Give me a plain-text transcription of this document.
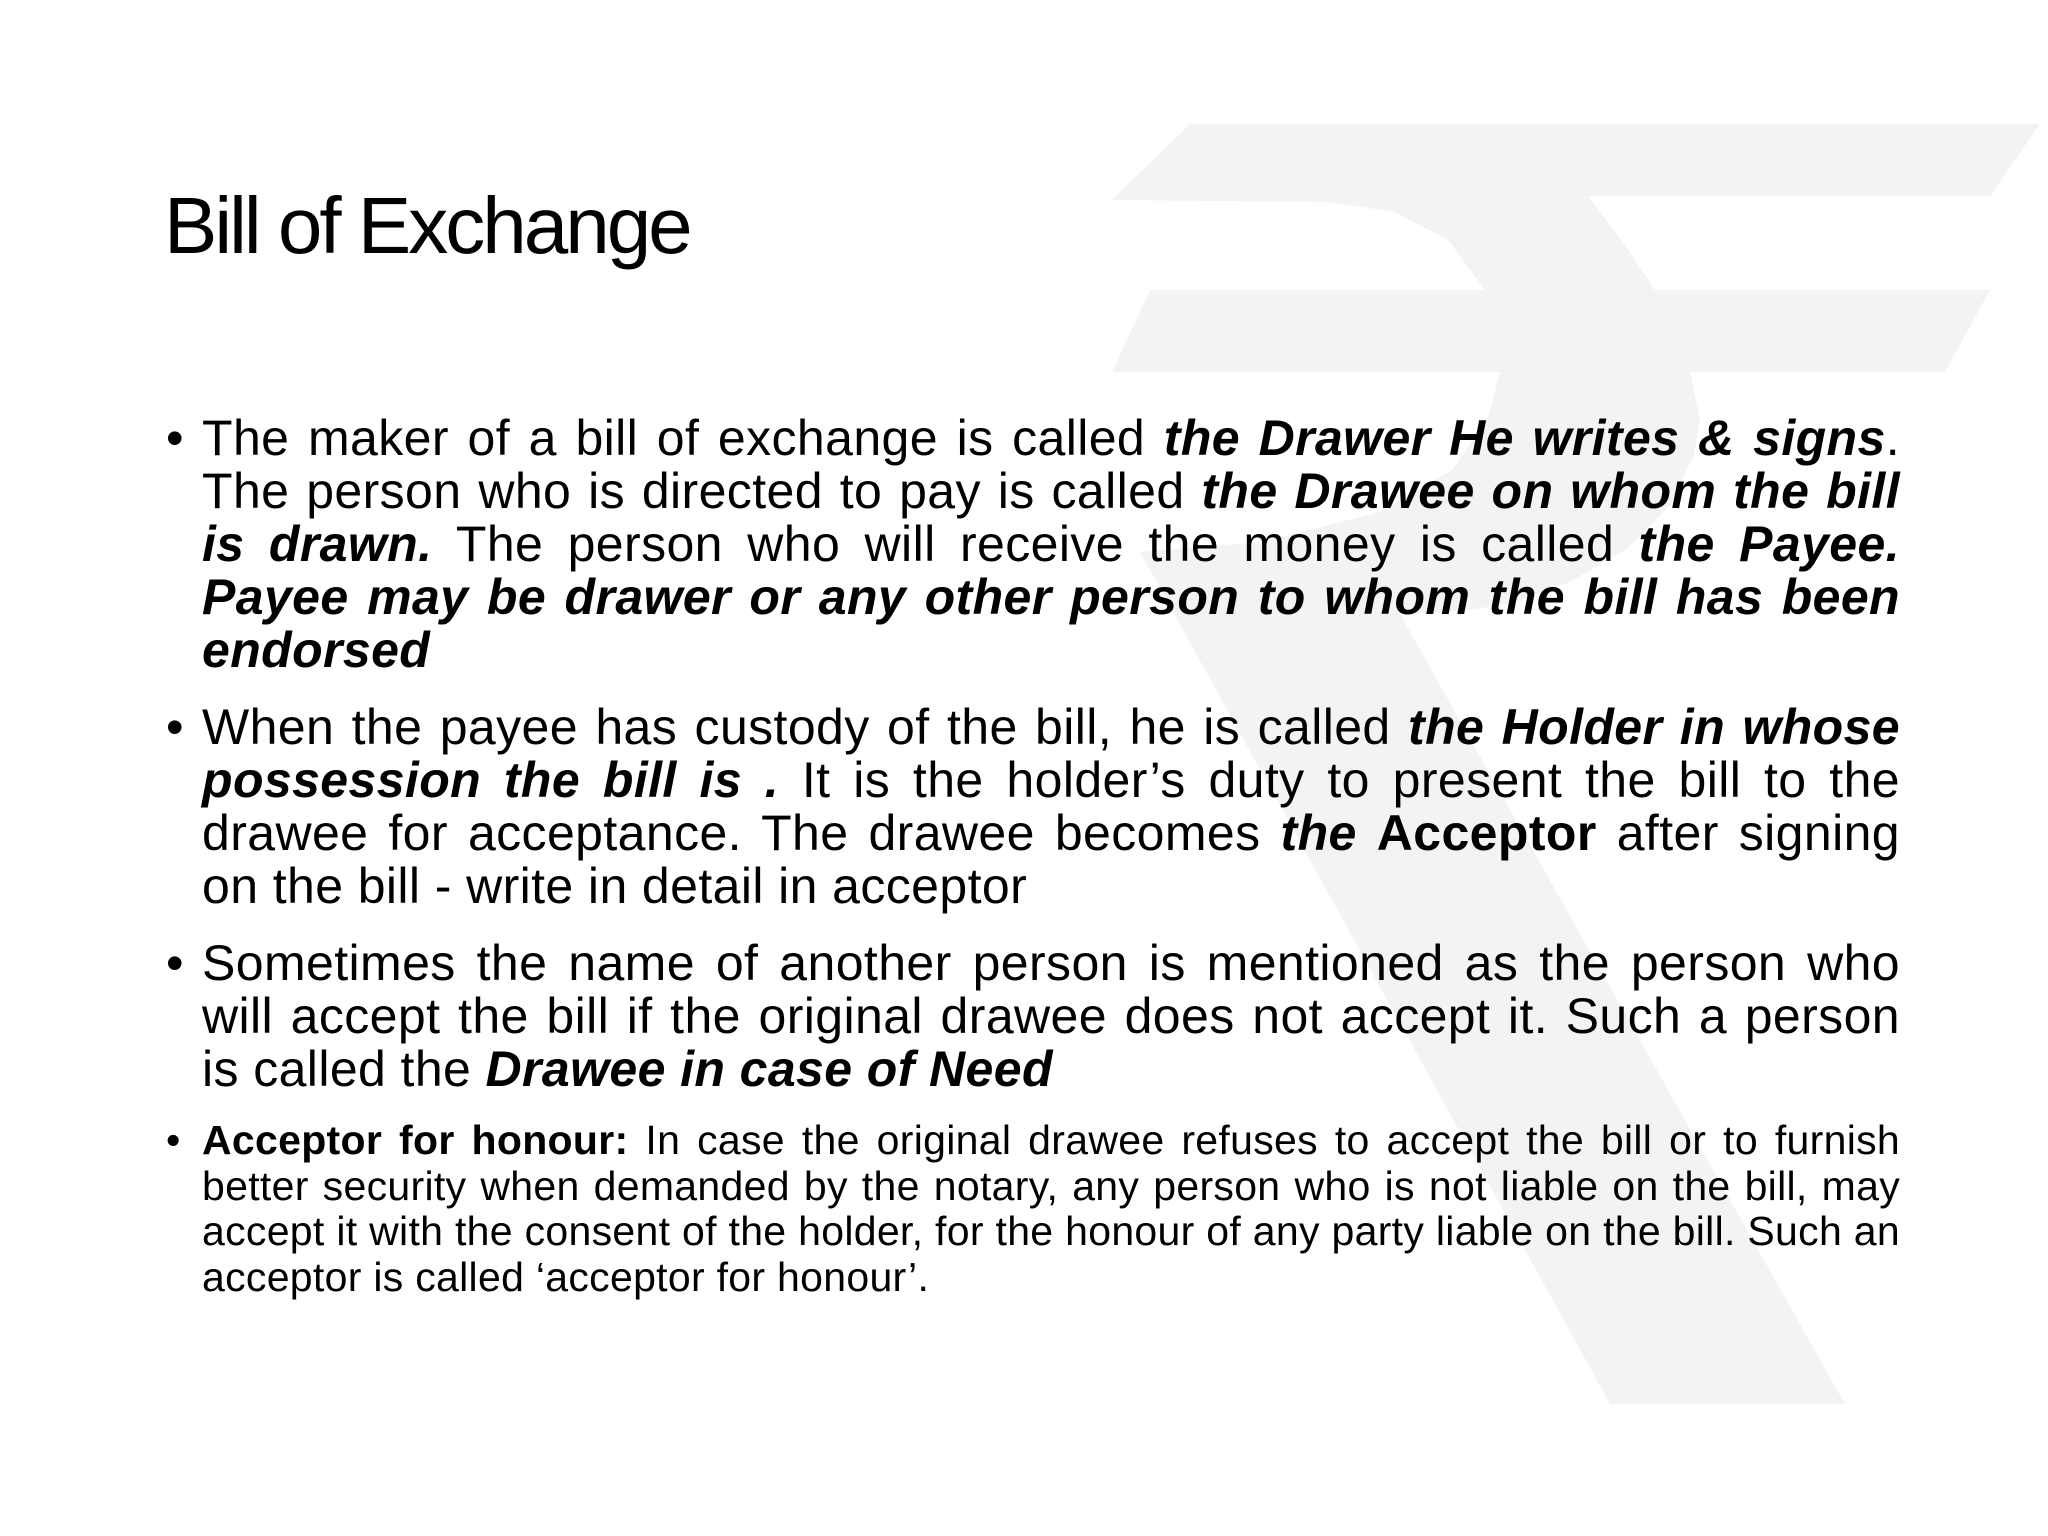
Bill of Exchange
• The maker of a bill of exchange is called the Drawer He writes & signs. The person who is directed to pay is called the Drawee on whom the bill is drawn. The person who will receive the money is called the Payee. Payee may be drawer or any other person to whom the bill has been endorsed
• When the payee has custody of the bill, he is called the Holder in whose possession the bill is . It is the holder’s duty to present the bill to the drawee for acceptance. The drawee becomes the Acceptor after signing on the bill - write in detail in acceptor
• Sometimes the name of another person is mentioned as the person who will accept the bill if the original drawee does not accept it. Such a person is called the Drawee in case of Need
• Acceptor for honour: In case the original drawee refuses to accept the bill or to furnish better security when demanded by the notary, any person who is not liable on the bill, may accept it with the consent of the holder, for the honour of any party liable on the bill. Such an acceptor is called ‘acceptor for honour’.
